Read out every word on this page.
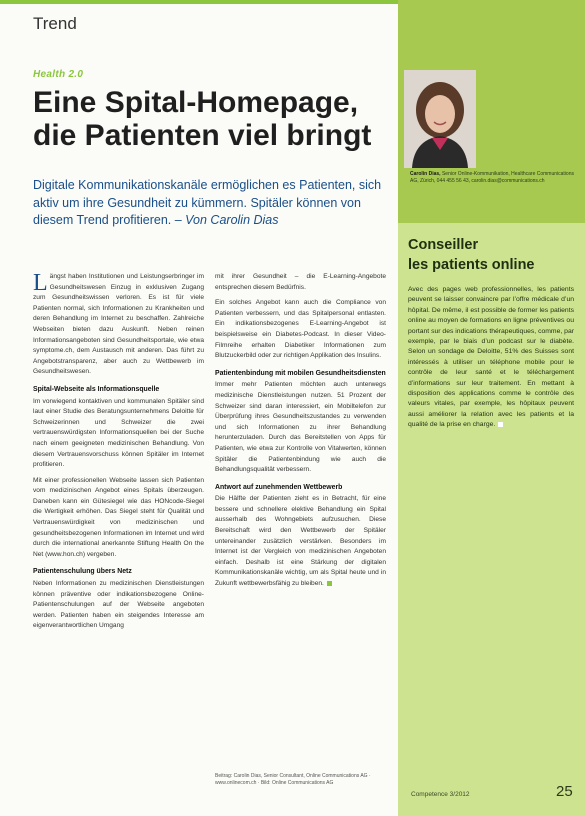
Trend
Health 2.0
Eine Spital-Homepage,
die Patienten viel bringt
Digitale Kommunikationskanäle ermöglichen es Patienten, sich aktiv um ihre Gesundheit zu kümmern. Spitäler können von diesem Trend profitieren. – Von Carolin Dias

Längst haben Institutionen und Leistungserbringer im Gesundheitswesen Einzug in exklusiven Zugang zum Gesundheitswissen verloren. Es ist für viele Patienten normal, sich Informationen zu Krankheiten und deren Behandlung im Internet zu beschaffen. Zahlreiche Webseiten bieten dazu Auskunft. Neben reinen Informationsangeboten sind Gesundheitsportale, wie etwa symptome.ch, dem Austausch mit anderen. Das führt zu Angebotstransparenz, aber auch zu Wettbewerb im Gesundheitswesen.

Spital-Webseite als Informationsquelle

Im vorwiegend kontaktiven und kommunalen Spitäler sind laut einer Studie des Beratungsunternehmens Deloitte für Schweizerinnen und Schweizer die zwei vertrauenswürdigsten Informationsquellen bei der Suche nach einem geeigneten medizinischen Behandlung. Von diesem Vertrauensvorschuss können Spitäler im Internet profitieren.

Mit einer professionellen Webseite lassen sich Patienten vom medizinischen Angebot eines Spitals überzeugen. Daneben kann ein Gütesiegel wie das HONcode-Siegel die Wertigkeit erhöhen. Das Siegel steht für Qualität und Vertrauenswürdigkeit von medizinischen und gesundheitsbezogenen Informationen im Internet und wird durch die international anerkannte Stiftung Health On the Net (www.hon.ch) vergeben.

Patientenschulung übers Netz

Neben Informationen zu medizinischen Dienstleistungen können präventive oder indikationsbezogene Online-Patientenschulungen auf der Webseite angeboten werden. Patienten haben ein steigendes Interesse am eigenverantwortlichen Umgang

mit ihrer Gesundheit – die E-Learning-Angebote entsprechen diesem Bedürfnis.

Ein solches Angebot kann auch die Compliance von Patienten verbessern, und das Spitalpersonal entlasten. Ein indikationsbezogenes E-Learning-Angebot ist beispielsweise ein Diabetes-Podcast. In dieser Video-Filmreihe erhalten Diabetiker Informationen zum Blutzuckerbild oder zur richtigen Applikation des Insulins.

Patientenbindung mit mobilen Gesundheitsdiensten

Immer mehr Patienten möchten auch unterwegs medizinische Dienstleistungen nutzen. 51 Prozent der Schweizer sind daran interessiert, ein Mobiltelefon zur Überprüfung ihres Gesundheitszustandes zu verwenden und sich Informationen zu ihrer Behandlung herunterzuladen. Durch das Bereitstellen von Apps für Patienten, wie etwa zur Kontrolle von Vitalwerten, können Spitäler die Patientenbindung wie auch die Behandlungsqualität verbessern.

Antwort auf zunehmenden Wettbewerb

Die Hälfte der Patienten zieht es in Betracht, für eine bessere und schnellere elektive Behandlung ein Spital ausserhalb des Wohngebiets aufzusuchen. Diese Bereitschaft wird den Wettbewerb der Spitäler untereinander zusätzlich verstärken. Besonders im Internet ist der Vergleich von medizinischen Angeboten einfach. Deshalb ist eine Stärkung der digitalen Kommunikationskanäle wichtig, um als Spital heute und in Zukunft wettbewerbsfähig zu bleiben.

Beitrag: Carolin Dias, Senior Consultant, Online Communications AG · www.onlinecom.ch · Bild: Online Communications AG
Carolin Dias, Senior Online-Kommunikation, Healthcare Communications AG, Zürich, 044 455 56 43, carolin.dias@communications.ch
Conseiller
les patients online
Avec des pages web professionnelles, les patients peuvent se laisser convaincre par l’offre médicale d’un hôpital. De même, il est possible de former les patients online au moyen de formations en ligne préventives ou portant sur des indications thérapeutiques, comme, par exemple, par le biais d’un podcast sur le diabète. Selon un sondage de Deloitte, 51% des Suisses sont intéressés à utiliser un téléphone mobile pour le contrôle de leur santé et le téléchargement d’informations sur leur traitement. En mettant à disposition des applications comme le contrôle des valeurs vitales, par exemple, les hôpitaux peuvent aussi améliorer la relation avec les patients et la qualité de la prise en charge.
Competence 3/2012	25
